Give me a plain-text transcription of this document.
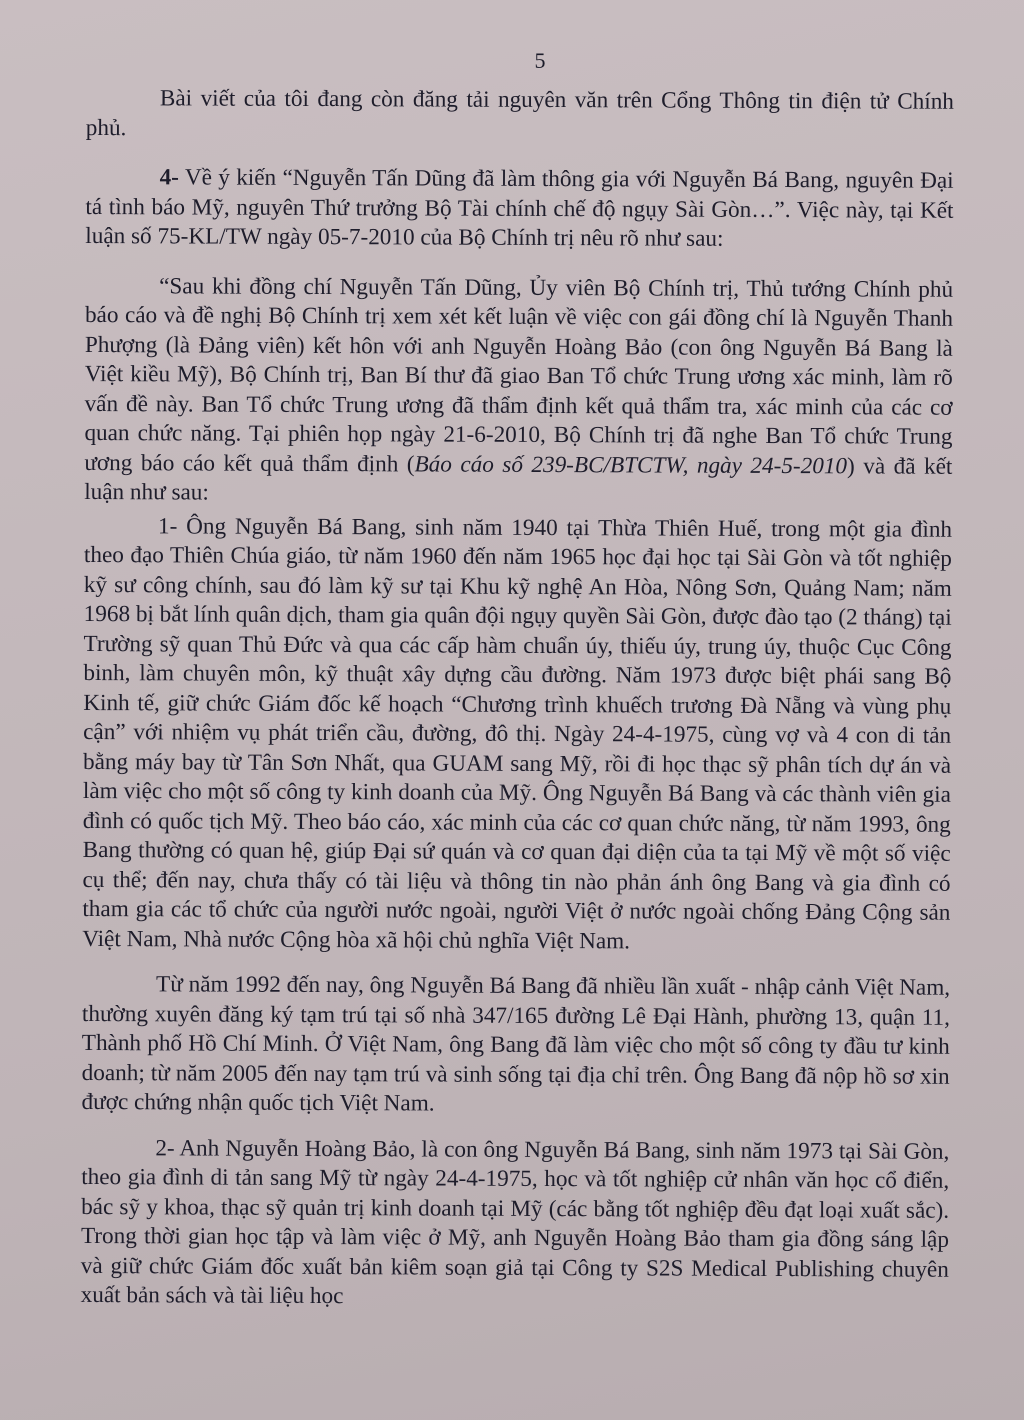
5

Bài viết của tôi đang còn đăng tải nguyên văn trên Cổng Thông tin điện tử Chính phủ.

4- Về ý kiến “Nguyễn Tấn Dũng đã làm thông gia với Nguyễn Bá Bang, nguyên Đại tá tình báo Mỹ, nguyên Thứ trưởng Bộ Tài chính chế độ ngụy Sài Gòn…”. Việc này, tại Kết luận số 75-KL/TW ngày 05-7-2010 của Bộ Chính trị nêu rõ như sau:

“Sau khi đồng chí Nguyễn Tấn Dũng, Ủy viên Bộ Chính trị, Thủ tướng Chính phủ báo cáo và đề nghị Bộ Chính trị xem xét kết luận về việc con gái đồng chí là Nguyễn Thanh Phượng (là Đảng viên) kết hôn với anh Nguyễn Hoàng Bảo (con ông Nguyễn Bá Bang là Việt kiều Mỹ), Bộ Chính trị, Ban Bí thư đã giao Ban Tổ chức Trung ương xác minh, làm rõ vấn đề này. Ban Tổ chức Trung ương đã thẩm định kết quả thẩm tra, xác minh của các cơ quan chức năng. Tại phiên họp ngày 21-6-2010, Bộ Chính trị đã nghe Ban Tổ chức Trung ương báo cáo kết quả thẩm định (Báo cáo số 239-BC/BTCTW, ngày 24-5-2010) và đã kết luận như sau:

1- Ông Nguyễn Bá Bang, sinh năm 1940 tại Thừa Thiên Huế, trong một gia đình theo đạo Thiên Chúa giáo, từ năm 1960 đến năm 1965 học đại học tại Sài Gòn và tốt nghiệp kỹ sư công chính, sau đó làm kỹ sư tại Khu kỹ nghệ An Hòa, Nông Sơn, Quảng Nam; năm 1968 bị bắt lính quân dịch, tham gia quân đội ngụy quyền Sài Gòn, được đào tạo (2 tháng) tại Trường sỹ quan Thủ Đức và qua các cấp hàm chuẩn úy, thiếu úy, trung úy, thuộc Cục Công binh, làm chuyên môn, kỹ thuật xây dựng cầu đường. Năm 1973 được biệt phái sang Bộ Kinh tế, giữ chức Giám đốc kế hoạch “Chương trình khuếch trương Đà Nẵng và vùng phụ cận” với nhiệm vụ phát triển cầu, đường, đô thị. Ngày 24-4-1975, cùng vợ và 4 con di tản bằng máy bay từ Tân Sơn Nhất, qua GUAM sang Mỹ, rồi đi học thạc sỹ phân tích dự án và làm việc cho một số công ty kinh doanh của Mỹ. Ông Nguyễn Bá Bang và các thành viên gia đình có quốc tịch Mỹ. Theo báo cáo, xác minh của các cơ quan chức năng, từ năm 1993, ông Bang thường có quan hệ, giúp Đại sứ quán và cơ quan đại diện của ta tại Mỹ về một số việc cụ thể; đến nay, chưa thấy có tài liệu và thông tin nào phản ánh ông Bang và gia đình có tham gia các tổ chức của người nước ngoài, người Việt ở nước ngoài chống Đảng Cộng sản Việt Nam, Nhà nước Cộng hòa xã hội chủ nghĩa Việt Nam.

Từ năm 1992 đến nay, ông Nguyễn Bá Bang đã nhiều lần xuất - nhập cảnh Việt Nam, thường xuyên đăng ký tạm trú tại số nhà 347/165 đường Lê Đại Hành, phường 13, quận 11, Thành phố Hồ Chí Minh. Ở Việt Nam, ông Bang đã làm việc cho một số công ty đầu tư kinh doanh; từ năm 2005 đến nay tạm trú và sinh sống tại địa chỉ trên. Ông Bang đã nộp hồ sơ xin được chứng nhận quốc tịch Việt Nam.

2- Anh Nguyễn Hoàng Bảo, là con ông Nguyễn Bá Bang, sinh năm 1973 tại Sài Gòn, theo gia đình di tản sang Mỹ từ ngày 24-4-1975, học và tốt nghiệp cử nhân văn học cổ điển, bác sỹ y khoa, thạc sỹ quản trị kinh doanh tại Mỹ (các bằng tốt nghiệp đều đạt loại xuất sắc). Trong thời gian học tập và làm việc ở Mỹ, anh Nguyễn Hoàng Bảo tham gia đồng sáng lập và giữ chức Giám đốc xuất bản kiêm soạn giả tại Công ty S2S Medical Publishing chuyên xuất bản sách và tài liệu học
